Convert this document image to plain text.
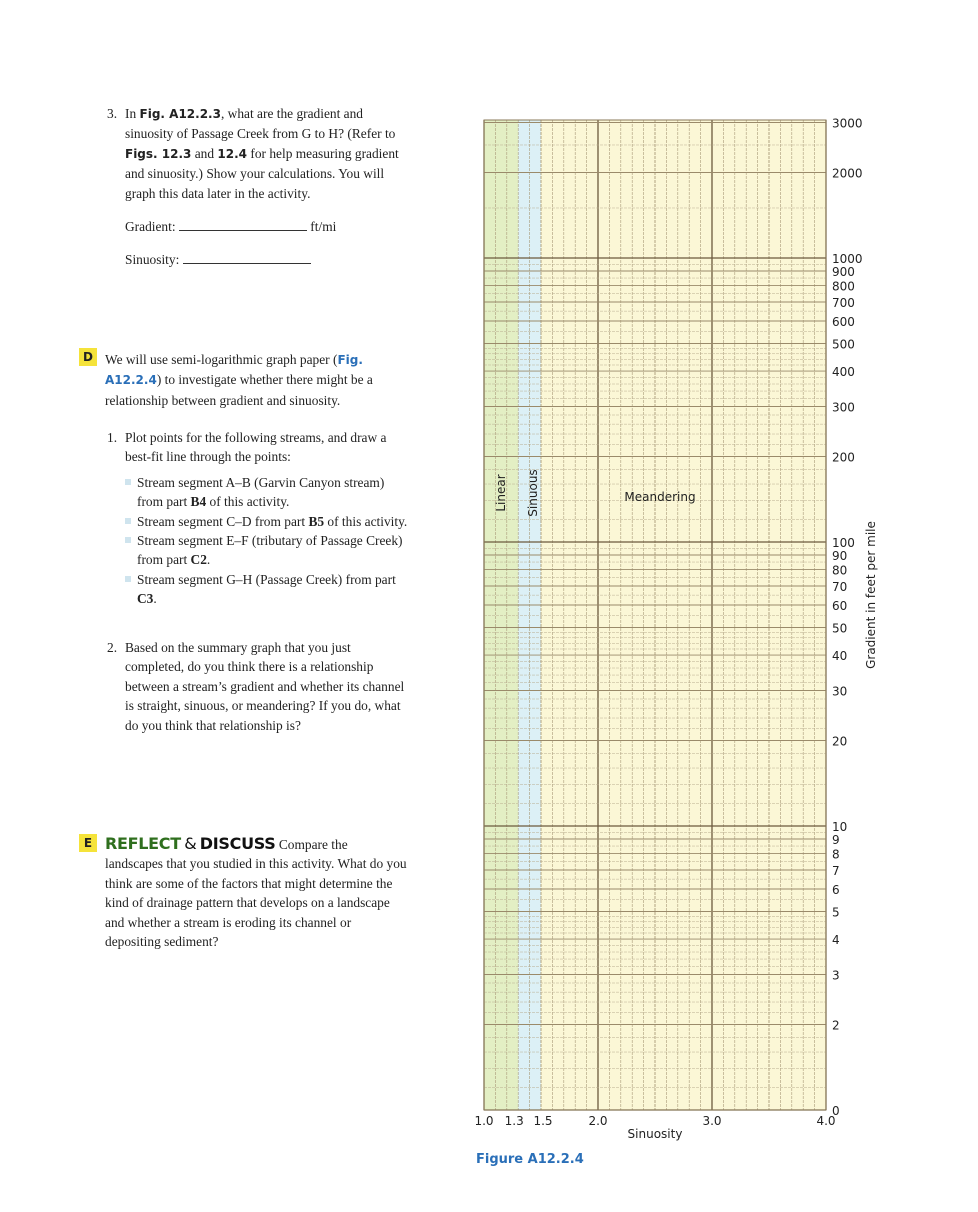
3. In Fig. A12.2.3, what are the gradient and sinuosity of Passage Creek from G to H? (Refer to Figs. 12.3 and 12.4 for help measuring gradient and sinuosity.) Show your calculations. You will graph this data later in the activity.
Gradient:	ft/mi
Sinuosity:
D We will use semi-logarithmic graph paper (Fig. A12.2.4) to investigate whether there might be a relationship between gradient and sinuosity.
1. Plot points for the following streams, and draw a best-fit line through the points:
Stream segment A–B (Garvin Canyon stream) from part B4 of this activity.
Stream segment C–D from part B5 of this activity.
Stream segment E–F (tributary of Passage Creek) from part C2.
Stream segment G–H (Passage Creek) from part C3.
2. Based on the summary graph that you just completed, do you think there is a relationship between a stream’s gradient and whether its channel is straight, sinuous, or meandering? If you do, what do you think that relationship is?
E REFLECT & DISCUSS Compare the landscapes that you studied in this activity. What do you think are some of the factors that might determine the kind of drainage pattern that develops on a landscape and whether a stream is eroding its channel or depositing sediment?
3000
2000
1000
900
800
700
600
500
400
300
200
100
90
80
70
60
50
40
30
20
10
9
8
7
6
5
4
3
2
0
1.0 1.3 1.5	2.0	3.0	4.0
Linear Sinuous	Meandering
Sinuosity
Gradient in feet per mile
Figure A12.2.4
